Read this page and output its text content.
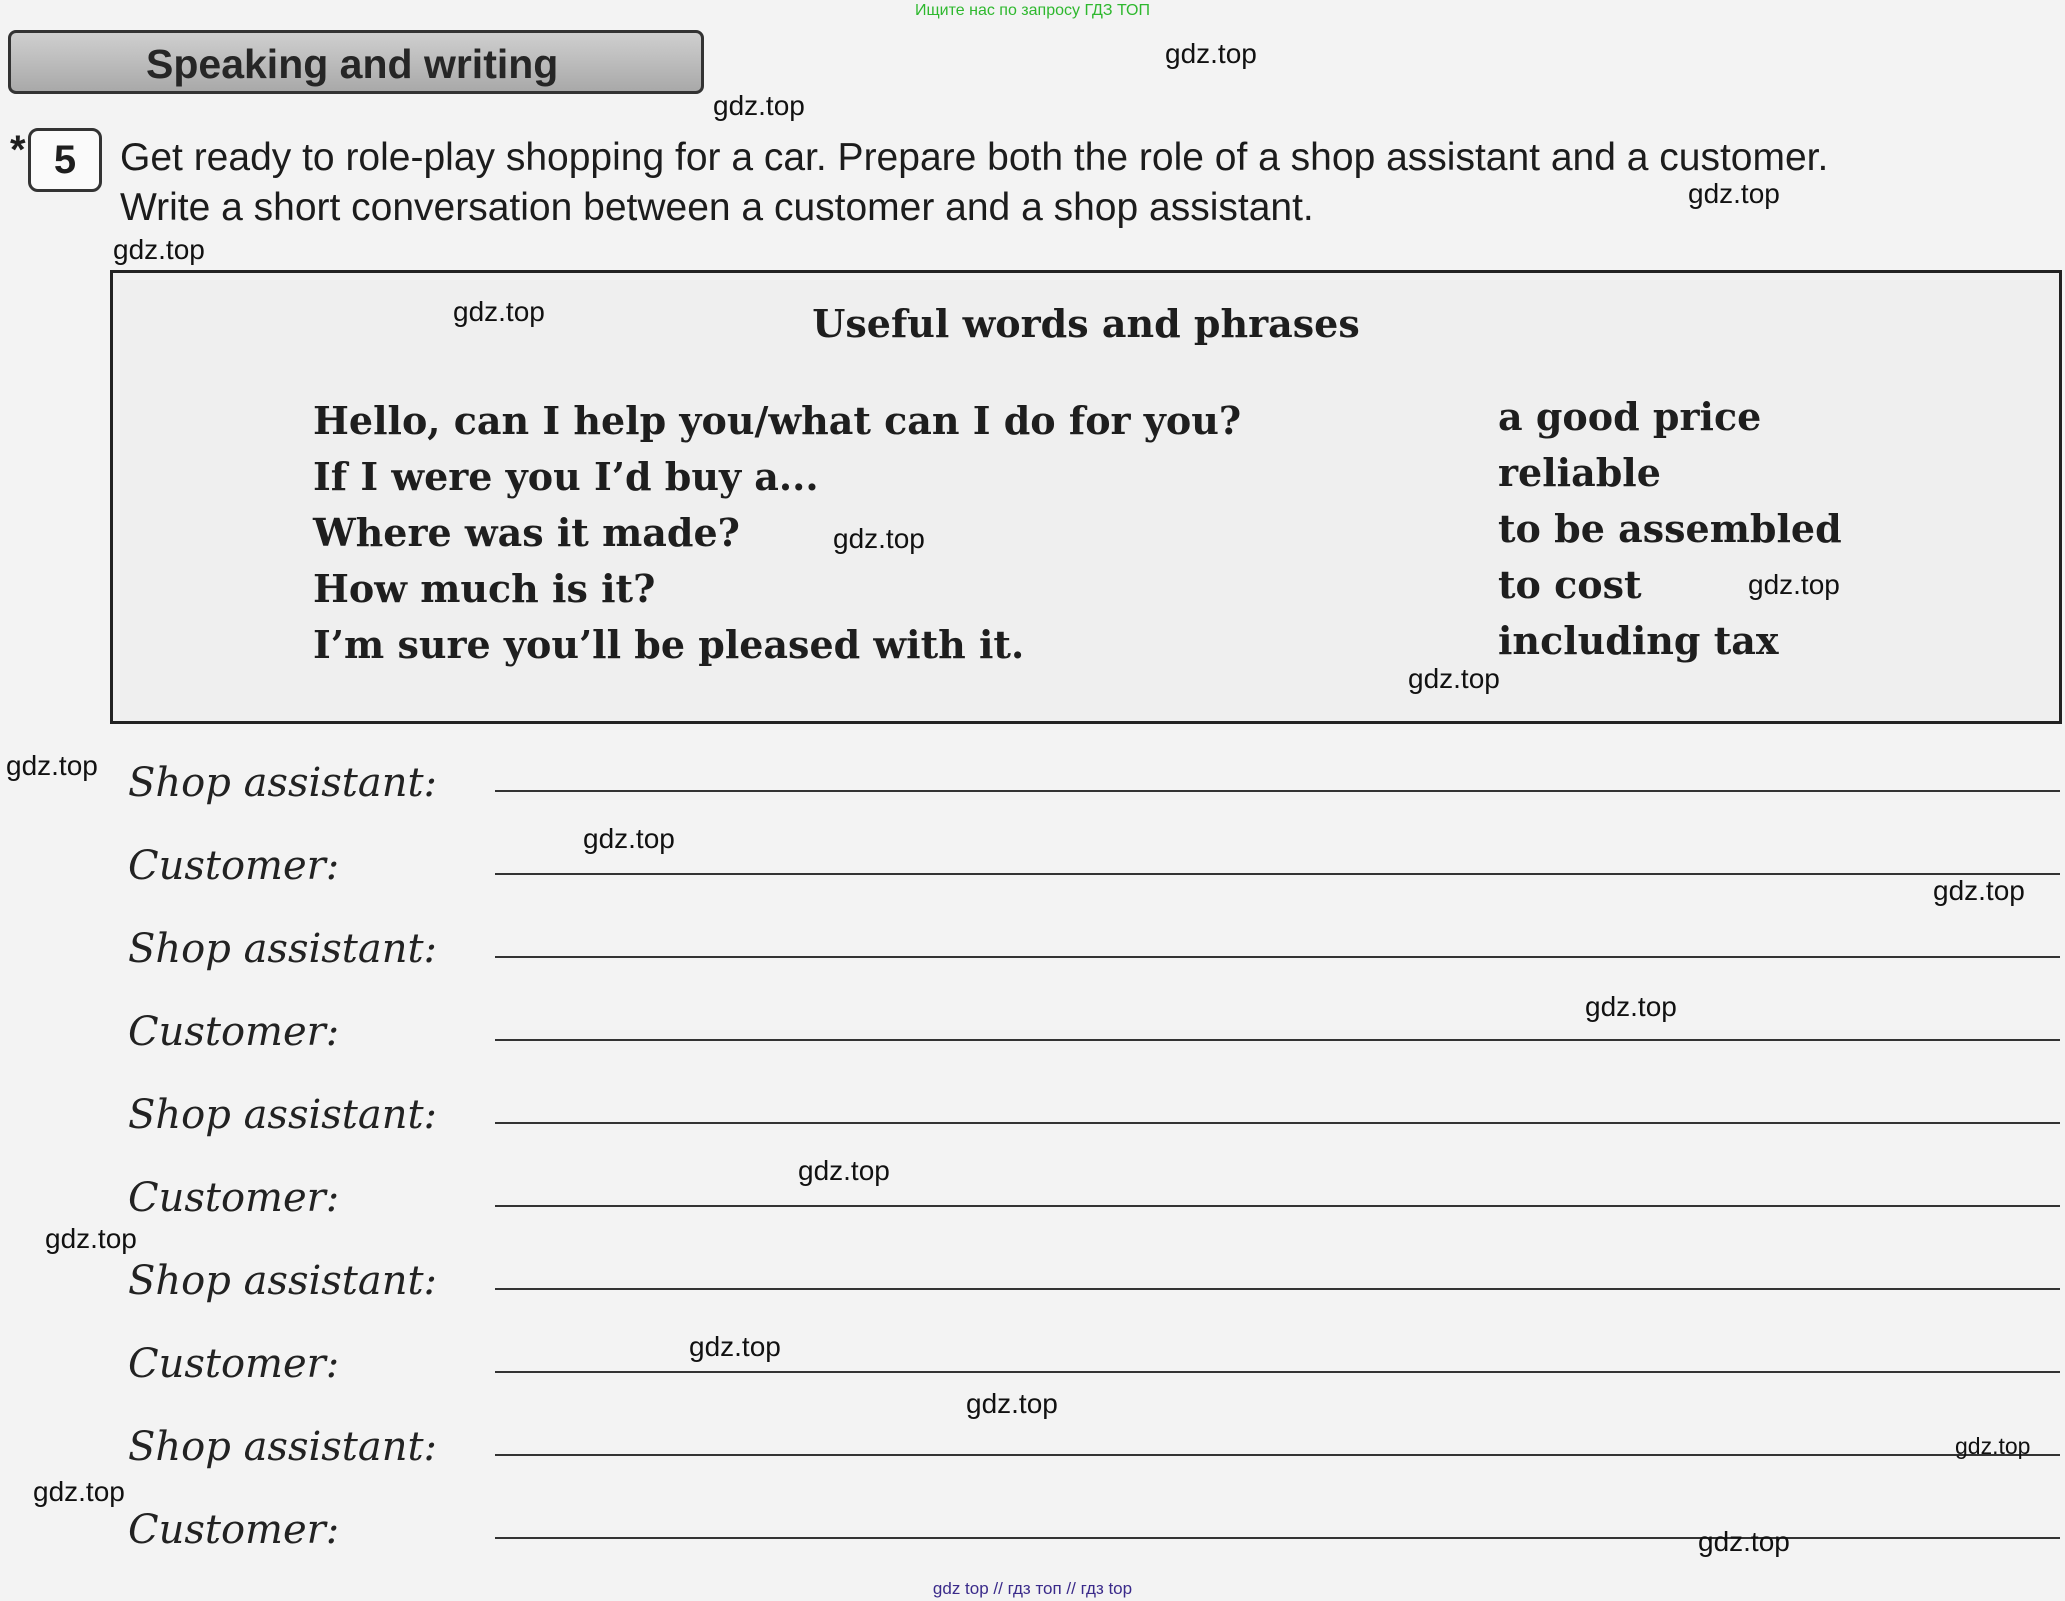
Ищите нас по запросу ГДЗ ТОП
Speaking and writing
* 5	Get ready to role-play shopping for a car. Prepare both the role of a shop assistant and a customer.
Write a short conversation between a customer and a shop assistant.
Useful words and phrases
Hello, can I help you/what can I do for you?
If I were you I’d buy a...
Where was it made?
How much is it?
I’m sure you’ll be pleased with it.
a good price
reliable
to be assembled
to cost
including tax
Shop assistant:
Customer:
Shop assistant:
Customer:
Shop assistant:
Customer:
Shop assistant:
Customer:
Shop assistant:
Customer:
gdz.top
gdz.top
gdz.top
gdz.top
gdz.top
gdz.top
gdz.top
gdz.top
gdz.top
gdz.top
gdz.top
gdz.top
gdz.top
gdz.top
gdz.top
gdz.top
gdz.top
gdz.top
gdz.top
gdz top // гдз топ // гдз top
